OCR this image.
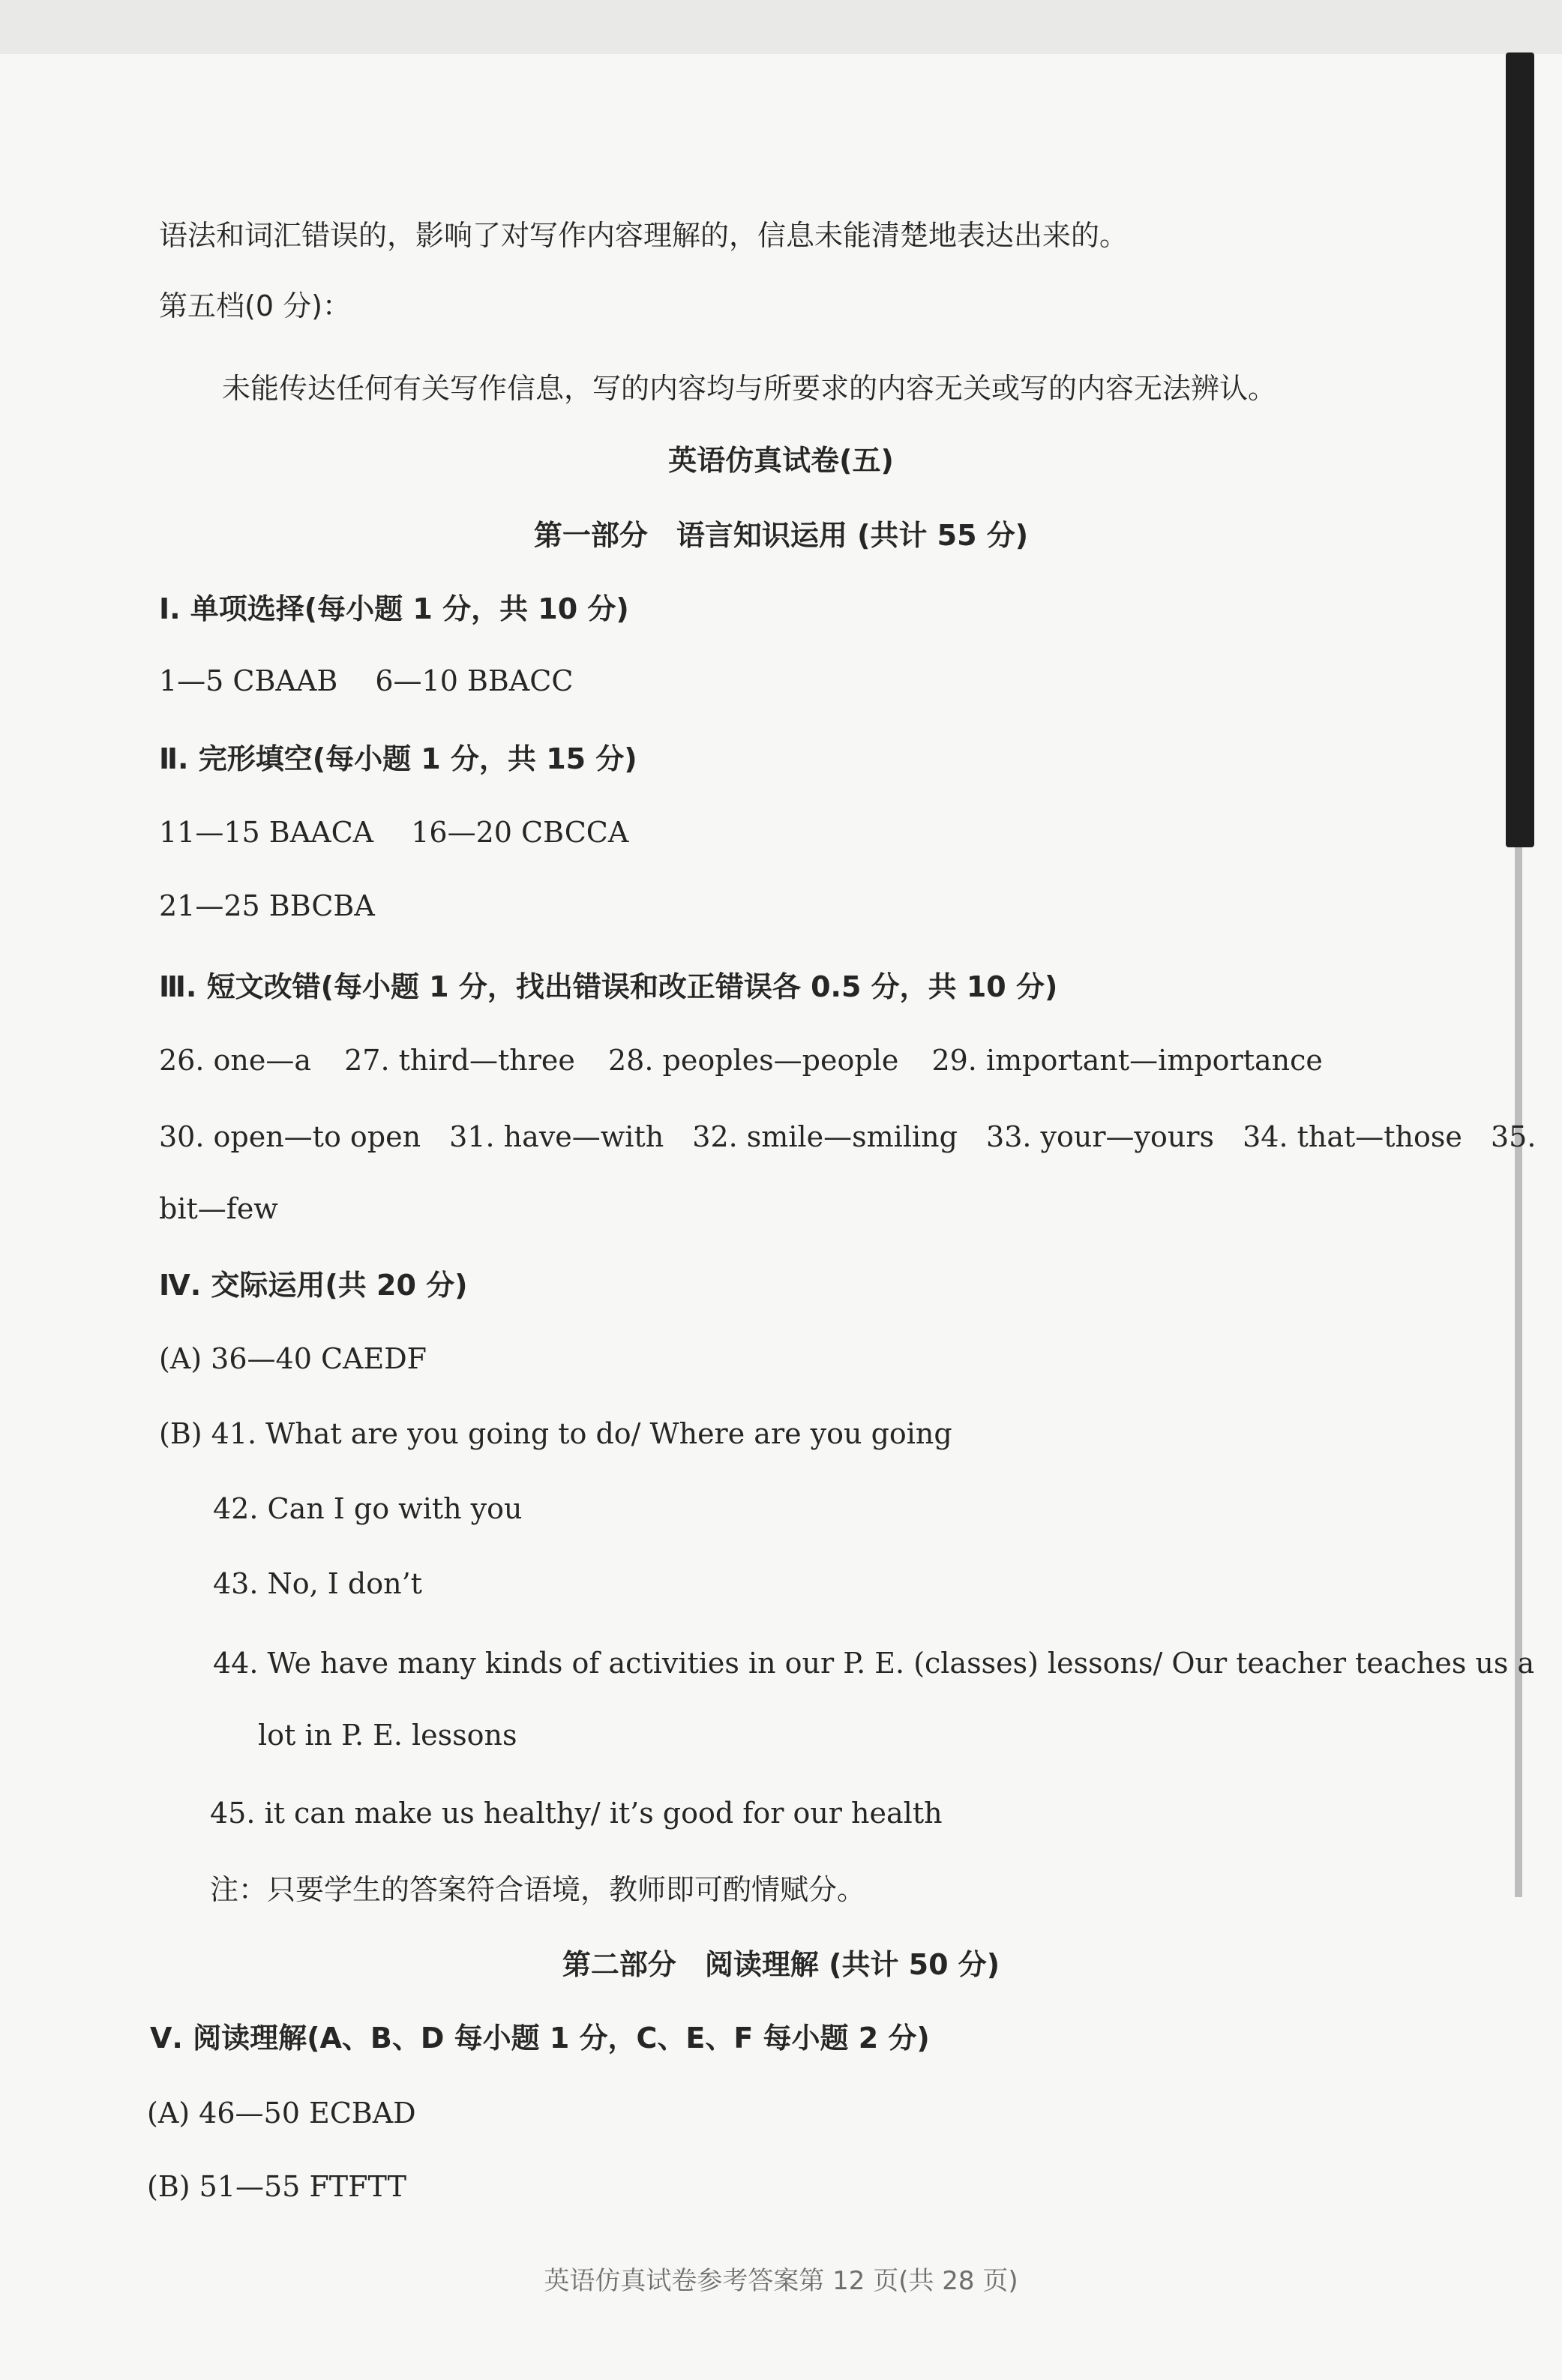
语法和词汇错误的，影响了对写作内容理解的，信息未能清楚地表达出来的。
第五档(0 分)：
未能传达任何有关写作信息，写的内容均与所要求的内容无关或写的内容无法辨认。
英语仿真试卷(五)
第一部分　语言知识运用 (共计 55 分)
Ⅰ. 单项选择(每小题 1 分，共 10 分)
1—5 CBAAB 6—10 BBACC
Ⅱ. 完形填空(每小题 1 分，共 15 分)
11—15 BAACA 16—20 CBCCA
21—25 BBCBA
Ⅲ. 短文改错(每小题 1 分，找出错误和改正错误各 0.5 分，共 10 分)
26. one—a 27. third—three 28. peoples—people 29. important—importance
30. open—to open 31. have—with 32. smile—smiling 33. your—yours 34. that—those 35.
bit—few
Ⅳ. 交际运用(共 20 分)
(A) 36—40 CAEDF
(B) 41. What are you going to do/ Where are you going
42. Can I go with you
43. No, I don’t
44. We have many kinds of activities in our P. E. (classes) lessons/ Our teacher teaches us a
lot in P. E. lessons
45. it can make us healthy/ it’s good for our health
注：只要学生的答案符合语境，教师即可酌情赋分。
第二部分　阅读理解 (共计 50 分)
Ⅴ. 阅读理解(A、B、D 每小题 1 分，C、E、F 每小题 2 分)
(A) 46—50 ECBAD
(B) 51—55 FTFTT
英语仿真试卷参考答案第 12 页(共 28 页)
